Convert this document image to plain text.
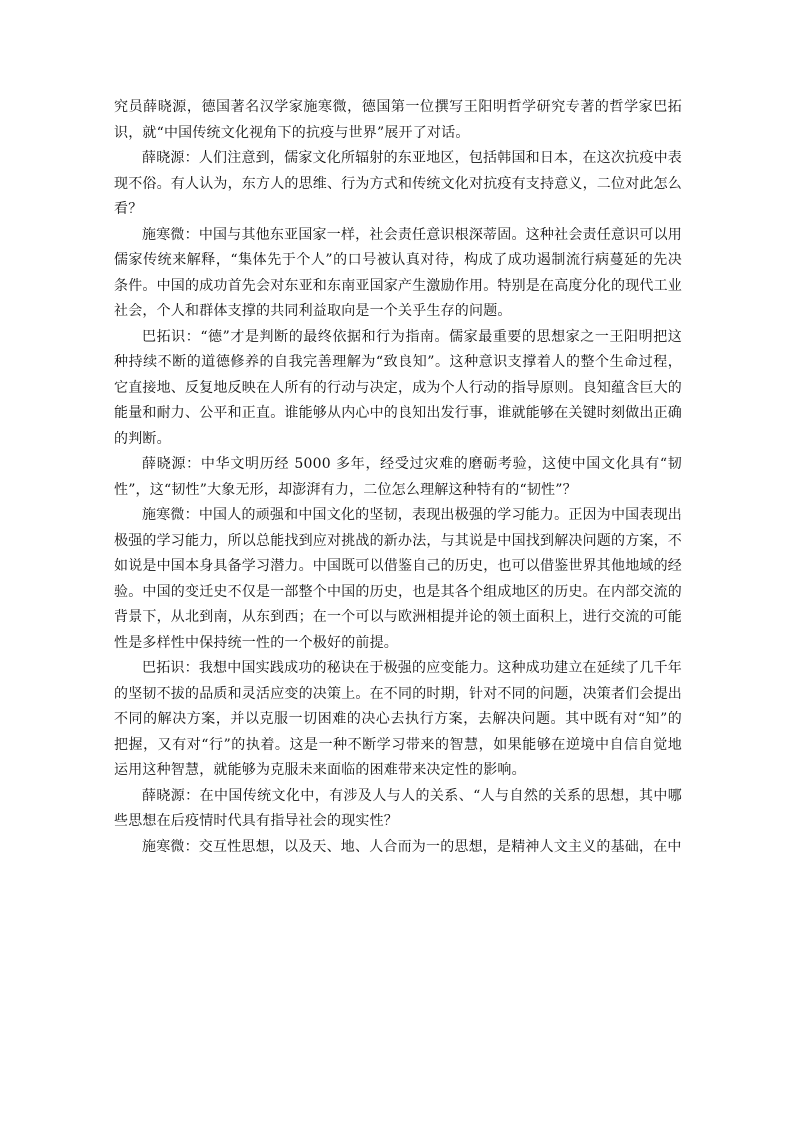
究员薛晓源，德国著名汉学家施寒微，德国第一位撰写王阳明哲学研究专著的哲学家巴拓识，就“中国传统文化视角下的抗疫与世界”展开了对话。

薛晓源：人们注意到，儒家文化所辐射的东亚地区，包括韩国和日本，在这次抗疫中表现不俗。有人认为，东方人的思维、行为方式和传统文化对抗疫有支持意义，二位对此怎么看？

施寒微：中国与其他东亚国家一样，社会责任意识根深蒂固。这种社会责任意识可以用儒家传统来解释，“集体先于个人”的口号被认真对待，构成了成功遏制流行病蔓延的先决条件。中国的成功首先会对东亚和东南亚国家产生激励作用。特别是在高度分化的现代工业社会，个人和群体支撑的共同利益取向是一个关乎生存的问题。

巴拓识：“德”才是判断的最终依据和行为指南。儒家最重要的思想家之一王阳明把这种持续不断的道德修养的自我完善理解为“致良知”。这种意识支撑着人的整个生命过程，它直接地、反复地反映在人所有的行动与决定，成为个人行动的指导原则。良知蕴含巨大的能量和耐力、公平和正直。谁能够从内心中的良知出发行事，谁就能够在关键时刻做出正确的判断。

薛晓源：中华文明历经 5000 多年，经受过灾难的磨砺考验，这使中国文化具有“韧性”，这“韧性”大象无形，却澎湃有力，二位怎么理解这种特有的“韧性”？

施寒微：中国人的顽强和中国文化的坚韧，表现出极强的学习能力。正因为中国表现出极强的学习能力，所以总能找到应对挑战的新办法，与其说是中国找到解决问题的方案，不如说是中国本身具备学习潜力。中国既可以借鉴自己的历史，也可以借鉴世界其他地域的经验。中国的变迁史不仅是一部整个中国的历史，也是其各个组成地区的历史。在内部交流的背景下，从北到南，从东到西；在一个可以与欧洲相提并论的领土面积上，进行交流的可能性是多样性中保持统一性的一个极好的前提。

巴拓识：我想中国实践成功的秘诀在于极强的应变能力。这种成功建立在延续了几千年的坚韧不拔的品质和灵活应变的决策上。在不同的时期，针对不同的问题，决策者们会提出不同的解决方案，并以克服一切困难的决心去执行方案，去解决问题。其中既有对“知”的把握，又有对“行”的执着。这是一种不断学习带来的智慧，如果能够在逆境中自信自觉地运用这种智慧，就能够为克服未来面临的困难带来决定性的影响。

薛晓源：在中国传统文化中，有涉及人与人的关系、“人与自然的关系的思想，其中哪些思想在后疫情时代具有指导社会的现实性？

施寒微：交互性思想，以及天、地、人合而为一的思想，是精神人文主义的基础，在中
